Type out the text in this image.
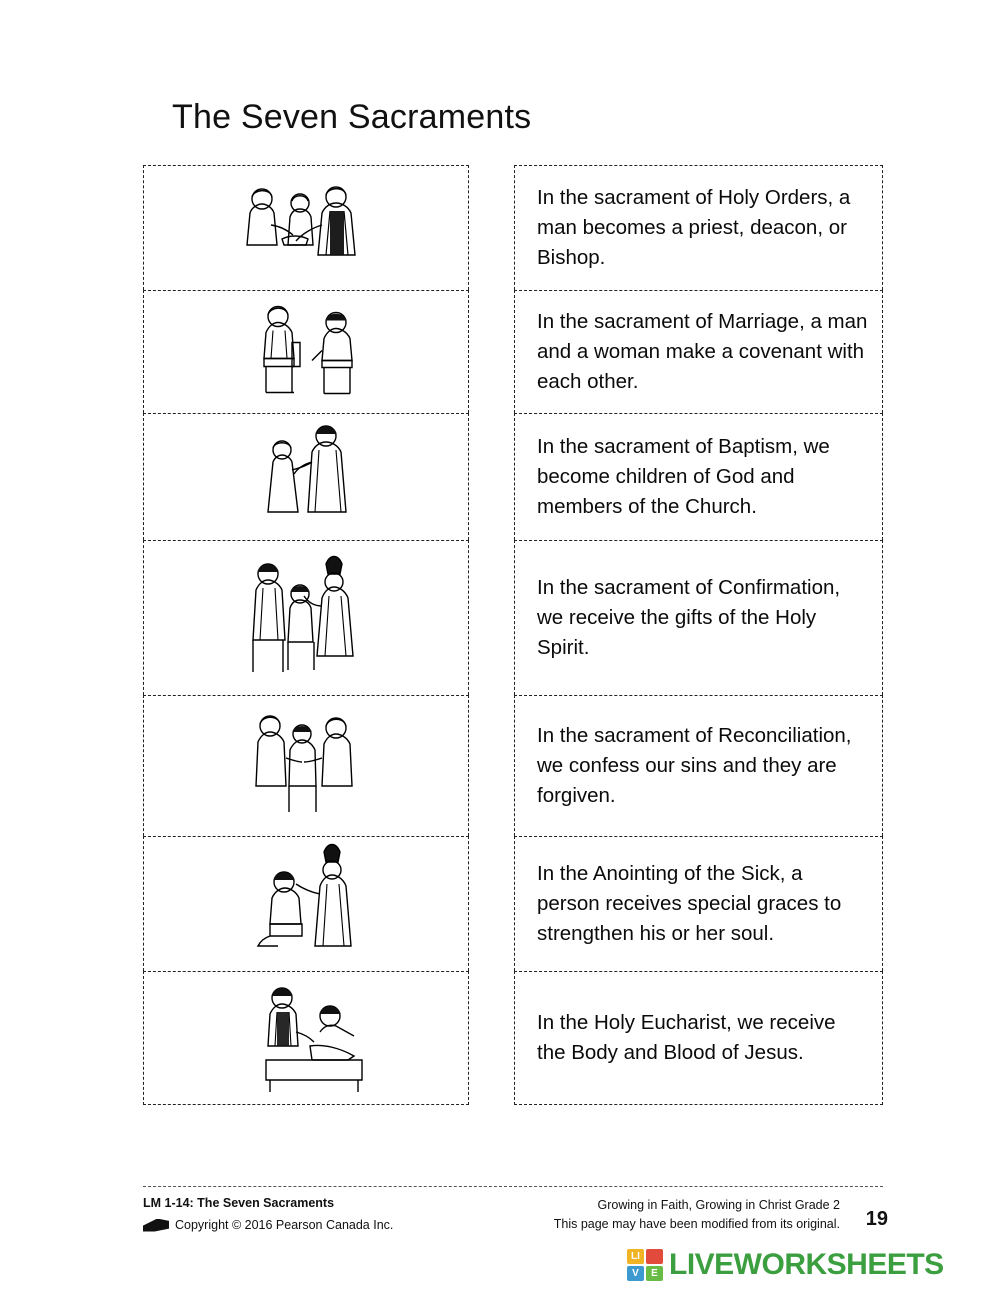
The Seven Sacraments

In the sacrament of Holy Orders, a man becomes a priest, deacon, or Bishop.

In the sacrament of Marriage, a man and a woman make a covenant with each other.

In the sacrament of Baptism, we become children of God and members of the Church.

In the sacrament of Confirmation, we receive the gifts of the Holy Spirit.

In the sacrament of Reconciliation, we confess our sins and they are forgiven.

In the Anointing of the Sick, a person receives special graces to strengthen his or her soul.

In the Holy Eucharist, we receive the Body and Blood of Jesus.

LM 1-14: The Seven Sacraments
Copyright © 2016 Pearson Canada Inc.
Growing in Faith, Growing in Christ Grade 2
This page may have been modified from its original. 19
LI
V	E LIVEWORKSHEETS
